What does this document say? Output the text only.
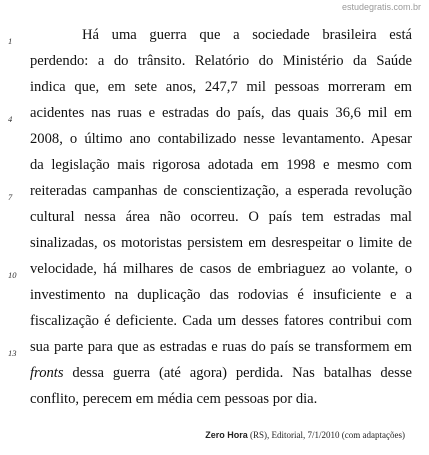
estudegratis.com.br
1
4
7
10
13
Há uma guerra que a sociedade brasileira está
perdendo: a do trânsito. Relatório do Ministério da Saúde
indica que, em sete anos, 247,7 mil pessoas morreram em
acidentes nas ruas e estradas do país, das quais 36,6 mil em
2008, o último ano contabilizado nesse levantamento. Apesar
da legislação mais rigorosa adotada em 1998 e mesmo com
reiteradas campanhas de conscientização, a esperada revolução
cultural nessa área não ocorreu. O país tem estradas mal
sinalizadas, os motoristas persistem em desrespeitar o limite de
velocidade, há milhares de casos de embriaguez ao volante, o
investimento na duplicação das rodovias é insuficiente e a
fiscalização é deficiente. Cada um desses fatores contribui com
sua parte para que as estradas e ruas do país se transformem em
fronts dessa guerra (até agora) perdida. Nas batalhas desse
conflito, perecem em média cem pessoas por dia.
Zero Hora (RS), Editorial, 7/1/2010 (com adaptações)
